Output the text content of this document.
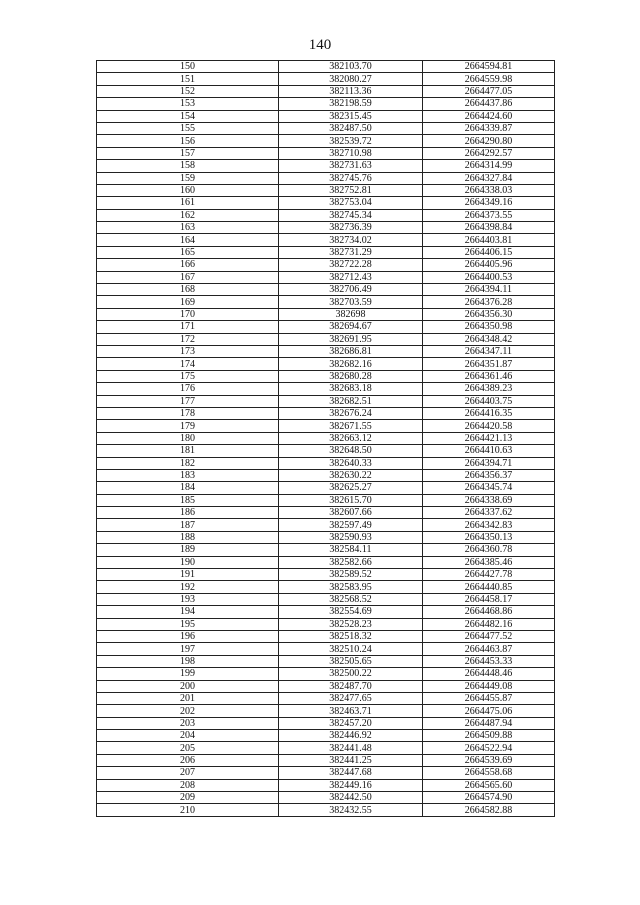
140
150	382103.70	2664594.81
151	382080.27	2664559.98
152	382113.36	2664477.05
153	382198.59	2664437.86
154	382315.45	2664424.60
155	382487.50	2664339.87
156	382539.72	2664290.80
157	382710.98	2664292.57
158	382731.63	2664314.99
159	382745.76	2664327.84
160	382752.81	2664338.03
161	382753.04	2664349.16
162	382745.34	2664373.55
163	382736.39	2664398.84
164	382734.02	2664403.81
165	382731.29	2664406.15
166	382722.28	2664405.96
167	382712.43	2664400.53
168	382706.49	2664394.11
169	382703.59	2664376.28
170	382698	2664356.30
171	382694.67	2664350.98
172	382691.95	2664348.42
173	382686.81	2664347.11
174	382682.16	2664351.87
175	382680.28	2664361.46
176	382683.18	2664389.23
177	382682.51	2664403.75
178	382676.24	2664416.35
179	382671.55	2664420.58
180	382663.12	2664421.13
181	382648.50	2664410.63
182	382640.33	2664394.71
183	382630.22	2664356.37
184	382625.27	2664345.74
185	382615.70	2664338.69
186	382607.66	2664337.62
187	382597.49	2664342.83
188	382590.93	2664350.13
189	382584.11	2664360.78
190	382582.66	2664385.46
191	382589.52	2664427.78
192	382583.95	2664440.85
193	382568.52	2664458.17
194	382554.69	2664468.86
195	382528.23	2664482.16
196	382518.32	2664477.52
197	382510.24	2664463.87
198	382505.65	2664453.33
199	382500.22	2664448.46
200	382487.70	2664449.08
201	382477.65	2664455.87
202	382463.71	2664475.06
203	382457.20	2664487.94
204	382446.92	2664509.88
205	382441.48	2664522.94
206	382441.25	2664539.69
207	382447.68	2664558.68
208	382449.16	2664565.60
209	382442.50	2664574.90
210	382432.55	2664582.88
